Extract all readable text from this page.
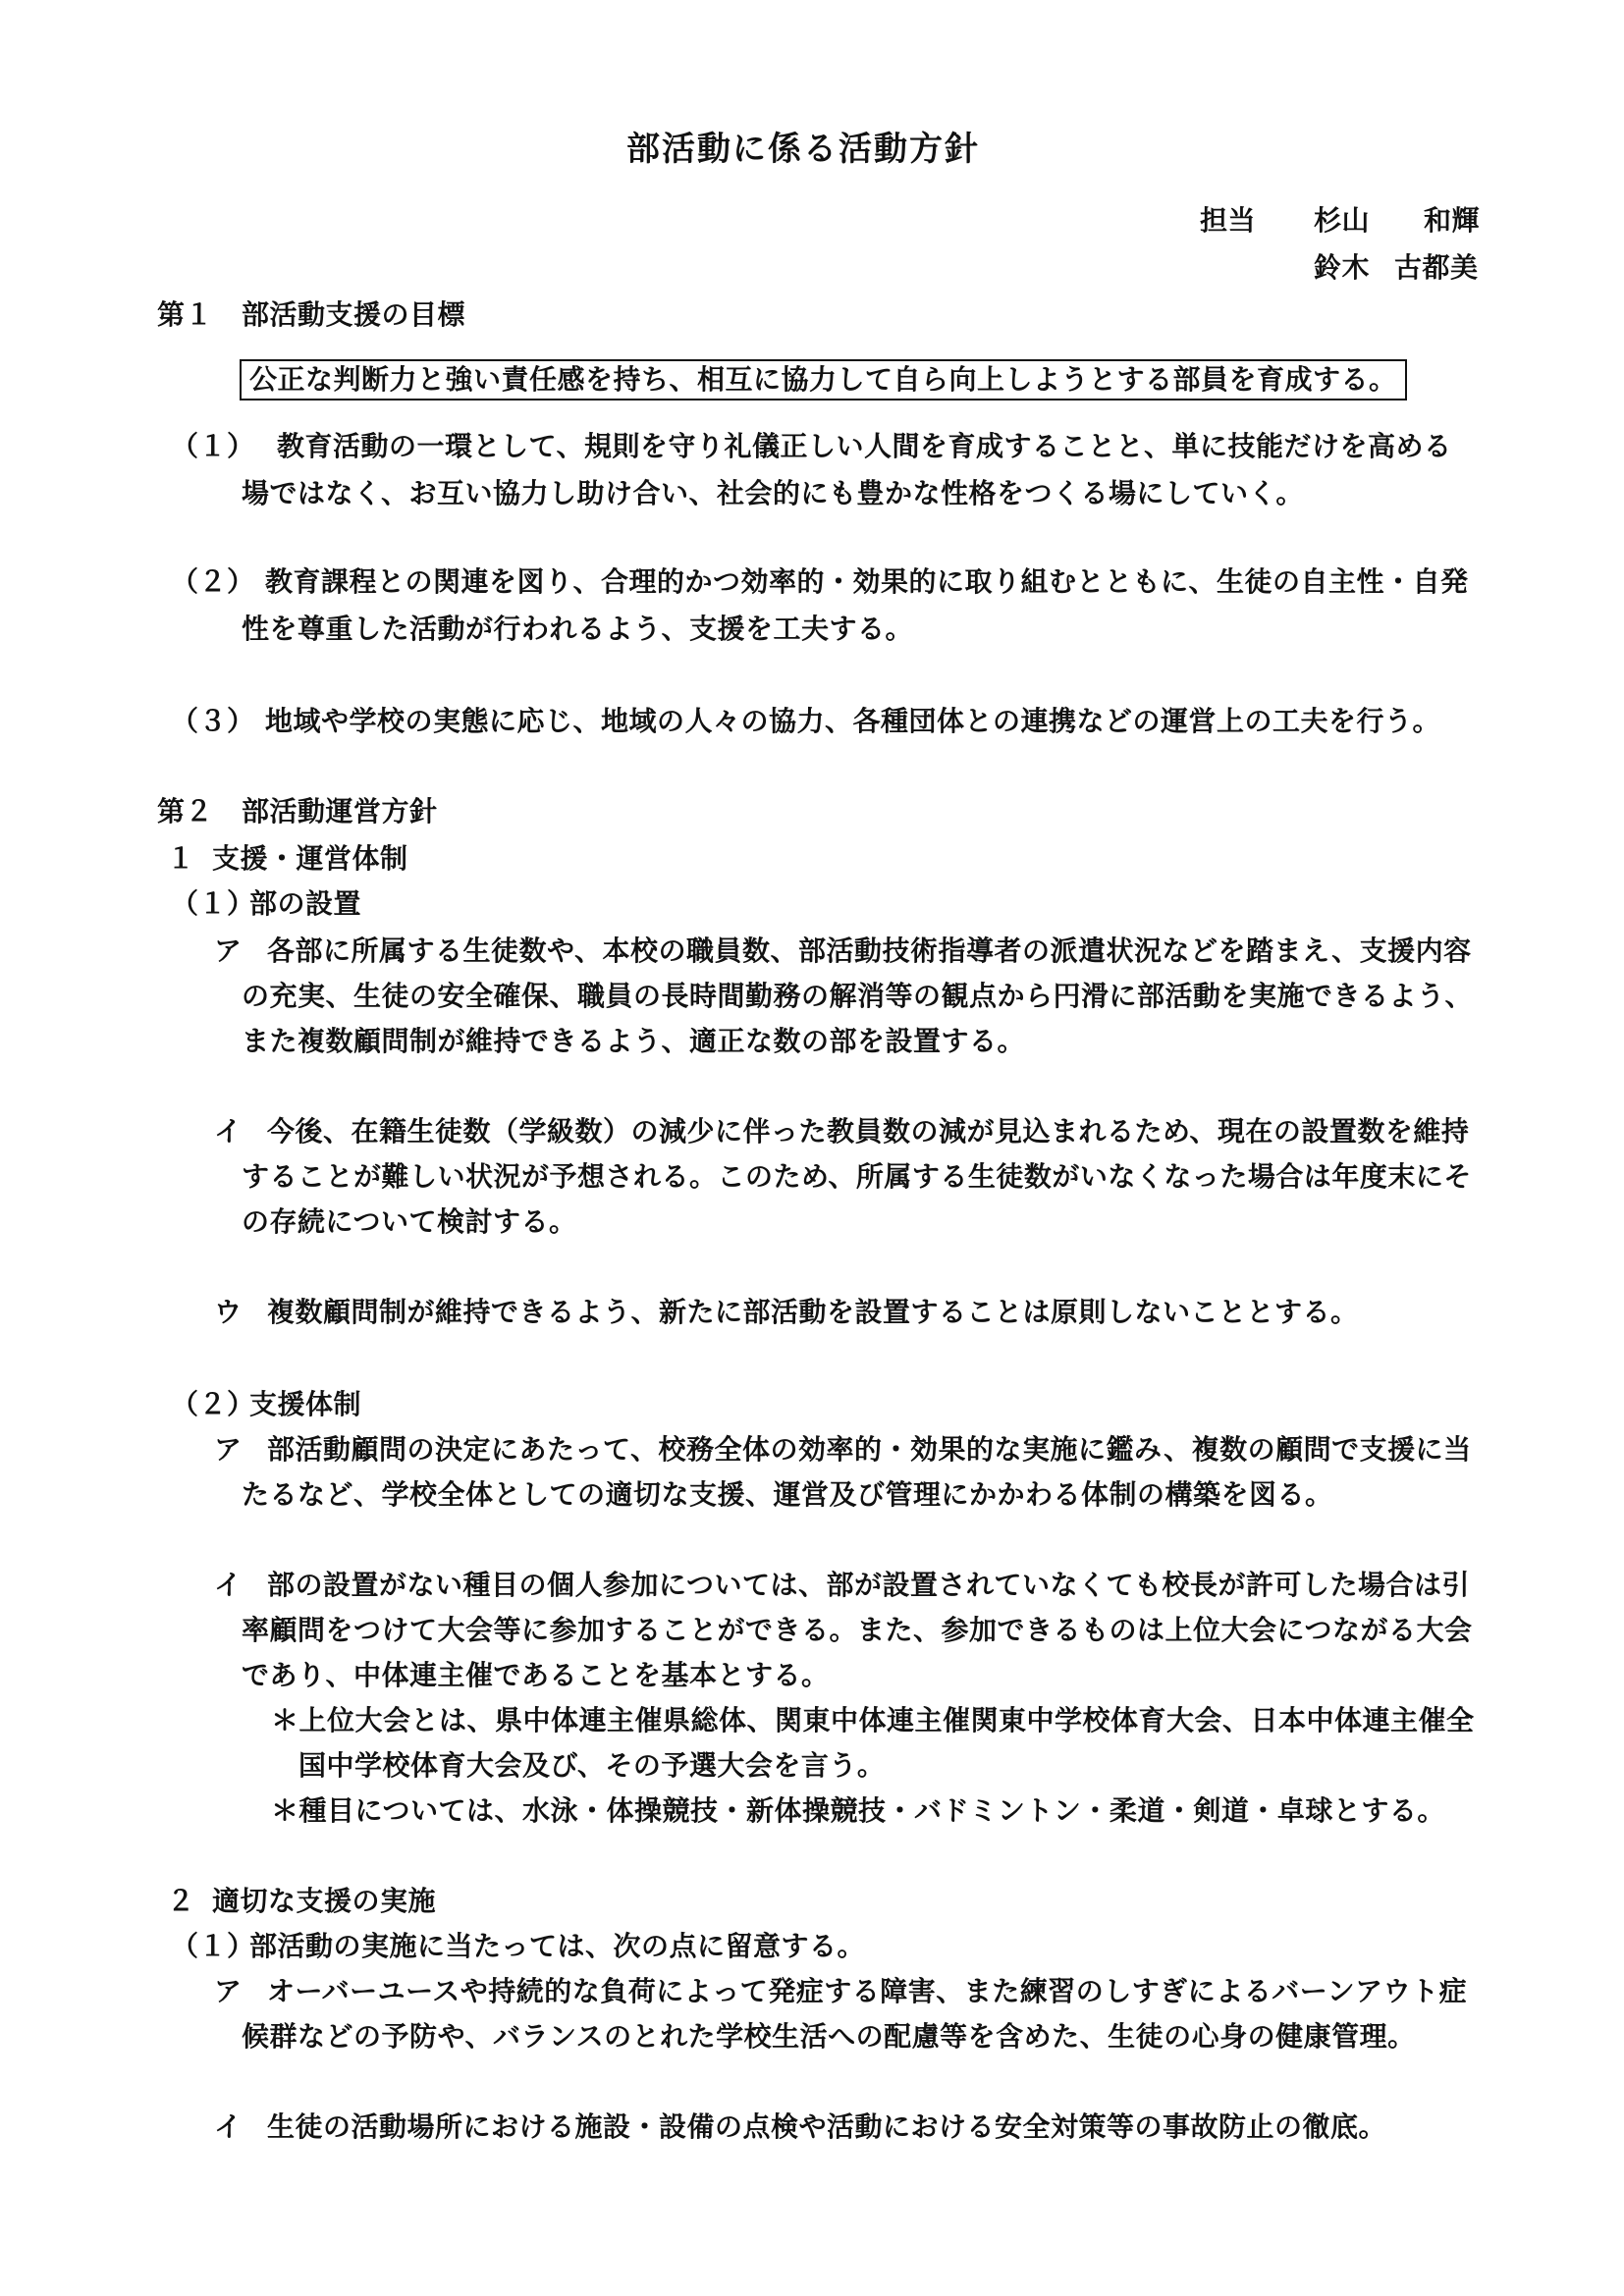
部活動に係る活動方針
担当 杉山 和輝
鈴木 古都美
第１ 部活動支援の目標
公正な判断力と強い責任感を持ち、相互に協力して自ら向上しようとする部員を育成する。
（１） 教育活動の一環として、規則を守り礼儀正しい人間を育成することと、単に技能だけを高める
場ではなく、お互い協力し助け合い、社会的にも豊かな性格をつくる場にしていく。
（２） 教育課程との関連を図り、合理的かつ効率的・効果的に取り組むとともに、生徒の自主性・自発
性を尊重した活動が行われるよう、支援を工夫する。
（３） 地域や学校の実態に応じ、地域の人々の協力、各種団体との連携などの運営上の工夫を行う。
第２ 部活動運営方針
１ 支援・運営体制
（１）
部の設置
ア 各部に所属する生徒数や、本校の職員数、部活動技術指導者の派遣状況などを踏まえ、支援内容
の充実、生徒の安全確保、職員の長時間勤務の解消等の観点から円滑に部活動を実施できるよう、
また複数顧問制が維持できるよう、適正な数の部を設置する。
イ 今後、在籍生徒数（学級数）の減少に伴った教員数の減が見込まれるため、現在の設置数を維持
することが難しい状況が予想される。このため、所属する生徒数がいなくなった場合は年度末にそ
の存続について検討する。
ウ 複数顧問制が維持できるよう、新たに部活動を設置することは原則しないこととする。
（２）
支援体制
ア 部活動顧問の決定にあたって、校務全体の効率的・効果的な実施に鑑み、複数の顧問で支援に当
たるなど、学校全体としての適切な支援、運営及び管理にかかわる体制の構築を図る。
イ 部の設置がない種目の個人参加については、部が設置されていなくても校長が許可した場合は引
率顧問をつけて大会等に参加することができる。また、参加できるものは上位大会につながる大会
であり、中体連主催であることを基本とする。
＊上位大会とは、県中体連主催県総体、関東中体連主催関東中学校体育大会、日本中体連主催全
国中学校体育大会及び、その予選大会を言う。
＊種目については、水泳・体操競技・新体操競技・バドミントン・柔道・剣道・卓球とする。
２ 適切な支援の実施
（１）
部活動の実施に当たっては、次の点に留意する。
ア オーバーユースや持続的な負荷によって発症する障害、また練習のしすぎによるバーンアウト症
候群などの予防や、バランスのとれた学校生活への配慮等を含めた、生徒の心身の健康管理。
イ 生徒の活動場所における施設・設備の点検や活動における安全対策等の事故防止の徹底。
